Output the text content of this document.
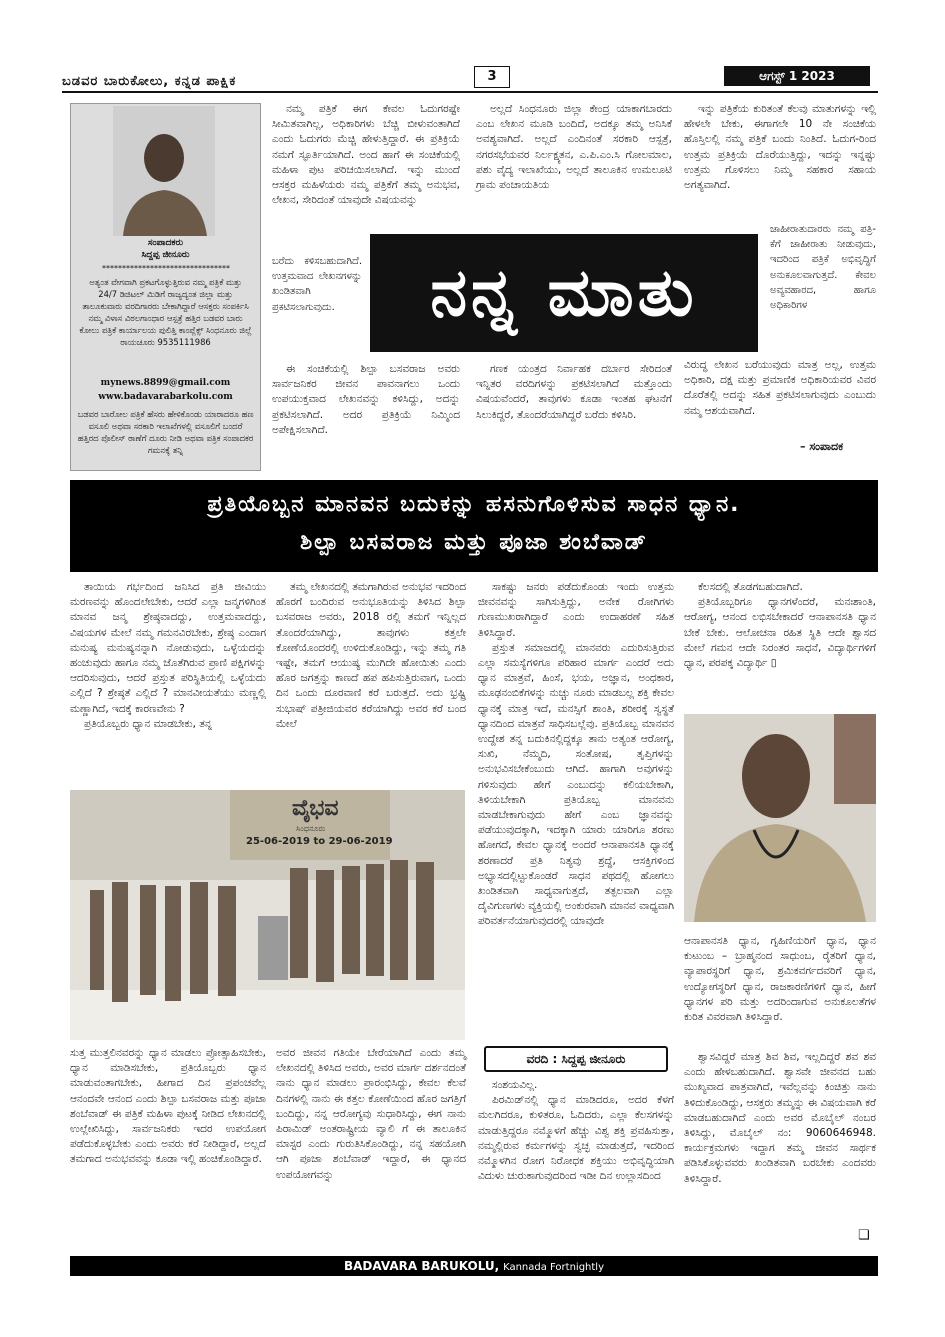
ಬಡವರ ಬಾರುಕೋಲು, ಕನ್ನಡ ಪಾಕ್ಷಿಕ	3	ಆಗಸ್ಟ್ 1 2023
ಸಂಪಾದಕರು
ಸಿದ್ದಪ್ಪ ಜೀನೂರು
********************************
ಅತ್ಯಂತ ವೇಗವಾಗಿ ಪ್ರಕಟಗೊಳ್ಳುತ್ತಿರುವ ನಮ್ಮ ಪತ್ರಿಕೆ ಮತ್ತು 24/7 ಡಿಜಿಟಲ್ ಮಿಡಿಗೆ ರಾಜ್ಯದ್ಯಂತ ಜಿಲ್ಲಾ ಮತ್ತು ತಾಲೂಕುವಾರು ವರದಿಗಾರರು ಬೇಕಾಗಿದ್ದಾರೆ ಆಸಕ್ತರು ಸಂಪರ್ಕಿಸಿ ನಮ್ಮ ವಿಳಾಸ ವಿಠಲಗಾಂಧಾರ ಆಸ್ಪತ್ರೆ ಹತ್ತಿರ ಬಡವರ ಬಾರು ಕೋಲು ಪತ್ರಿಕೆ ಕಾರ್ಯಾಲಯ ಪುಲಿತ್ತಿ ಕಾಂಪ್ಲೆಕ್ಸ್ ಸಿಂಧನೂರು ಜಿಲ್ಲೆ ರಾಯಚೂರು 9535111986
mynews.8899@gmail.com
www.badavarabarkolu.com
ಬಡವರ ಬಾರೋಲ ಪತ್ರಿಕೆ ಹೆಸರು ಹೇಳಿಕೊಂಡು ಯಾರಾದರೂ ಹಣ ವಸೂಲಿ ಅಥವಾ ಸರಕಾರಿ ಇಲಾಖೆಗಳಲ್ಲಿ ವಸೂಲಿಗೆ ಬಂದರೆ ಹತ್ತಿರದ ಪೊಲೀಸ್ ಠಾಣೆಗೆ ದೂರು ನೀಡಿ ಅಥವಾ ಪತ್ರಿಕ ಸಂಪಾದಕರ ಗಮನಕ್ಕೆ ತನ್ನಿ

ನಮ್ಮ ಪತ್ರಿಕೆ ಈಗ ಕೇವಲ ಓದುಗರಷ್ಟೇ ಸೀಮಿತವಾಗಿಲ್ಲ, ಅಧಿಕಾರಿಗಳು ಬೆಚ್ಚಿ ಬೀಳುವಂತಾಗಿದೆ ಎಂದು ಓದುಗರು ಮೆಚ್ಚಿ ಹೇಳುತ್ತಿದ್ದಾರೆ. ಈ ಪ್ರತಿಕ್ರಿಯೆ ನಮಗೆ ಸ್ಫೂರ್ತಿಯಾಗಿದೆ. ಅಂದ ಹಾಗೆ ಈ ಸಂಚಿಕೆಯಲ್ಲಿ ಮಹಿಳಾ ಪುಟ ಪರಿಚಯಿಸಲಾಗಿದೆ. ಇನ್ನು ಮುಂದೆ ಆಸಕ್ತರ ಮಹಿಳೆಯರು ನಮ್ಮ ಪತ್ರಿಕೆಗೆ ತಮ್ಮ ಅನುಭವ, ಲೇಖನ, ಸೇರಿದಂತೆ ಯಾವುದೇ ವಿಷಯವನ್ನು

ಬರೆದು ಕಳಿಸಬಹುದಾಗಿದೆ. ಉತ್ತಮವಾದ ಲೇಖನಗಳನ್ನು ಖಂಡಿತವಾಗಿ ಪ್ರಕಟಿಸಲಾಗುವುದು.

ಈ ಸಂಚಿಕೆಯಲ್ಲಿ ಶಿಲ್ಪಾ ಬಸವರಾಜ ಅವರು ಸಾರ್ವಜನಿಕರ ಜೀವನ ಪಾವನಾಗಲು ಒಂದು ಉಪಯುಕ್ತವಾದ ಲೇಖನವನ್ನು ಕಳಿಸಿದ್ದು, ಅದನ್ನು ಪ್ರಕಟಿಸಲಾಗಿದೆ. ಅದರ ಪ್ರತಿಕ್ರಿಯೆ ನಿಮ್ಮಿಂದ ಅಪೇಕ್ಷಿಸಲಾಗಿದೆ.

ಅಲ್ಲದೆ ಸಿಂಧನೂರು ಜಿಲ್ಲಾ ಕೇಂದ್ರ ಯಾಕಾಗಬಾರದು ಎಂಬ ಲೇಖನ ಮೂಡಿ ಬಂದಿದೆ, ಅದಕ್ಕೂ ತಮ್ಮ ಅನಿಸಿಕೆ ಅವಶ್ಯವಾಗಿದೆ. ಅಲ್ಲದೆ ಎಂದಿನಂತೆ ಸರಕಾರಿ ಆಸ್ಪತ್ರೆ, ನಗರಸಭೆಯವರ ನಿರ್ಲಕ್ಷ್ಯತನ, ಎ.ಪಿ.ಎಂ.ಸಿ ಗೋಲಮಾಲ, ಪಶು ವೈದ್ಯ ಇಲಾಖೆಯು, ಅಲ್ಲದೆ ತಾಲೂಕಿನ ಉಮಲೂಟಿ ಗ್ರಾಮ ಪಂಚಾಯತಿಯ

ಗಣಕ ಯಂತ್ರದ ನಿರ್ವಾಹಕ ದರ್ಬಾರ ಸೇರಿದಂತೆ ಇನ್ನಿತರ ವರದಿಗಳನ್ನು ಪ್ರಕಟಿಸಲಾಗಿದೆ ಮತ್ತೊಂದು ವಿಷಯವೆಂದರೆ, ತಾವುಗಳು ಕೂಡಾ ಇಂತಹ ಘಟನೆಗೆ ಸಿಲುಕಿದ್ದರೆ, ತೊಂದರೆಯಾಗಿದ್ದರೆ ಬರೆದು ಕಳಿಸಿರಿ.

ಇನ್ನು ಪತ್ರಿಕೆಯ ಕುರಿತಂತೆ ಕೆಲವು ಮಾತುಗಳನ್ನು ಇಲ್ಲಿ ಹೇಳಲೇ ಬೇಕು, ಈಗಾಗಲೇ 10 ನೇ ಸಂಚಿಕೆಯ ಹೊಸ್ತಿಲಲ್ಲಿ ನಮ್ಮ ಪತ್ರಿಕೆ ಬಂದು ನಿಂತಿದೆ. ಓದುಗ-ರಿಂದ ಉತ್ತಮ ಪ್ರತಿಕ್ರಿಯೆ ದೊರೆಯುತ್ತಿದ್ದು, ಇದನ್ನು ಇನ್ನಷ್ಟು ಉತ್ತಮ ಗೊಳಿಸಲು ನಿಮ್ಮ ಸಹಕಾರ ಸಹಾಯ ಅಗತ್ಯವಾಗಿದೆ.

ಜಾಹೀರಾತುದಾರರು ನಮ್ಮ ಪತ್ರಿ-ಕೆಗೆ ಜಾಹೀರಾತು ನೀಡುವುದು, ಇದರಿಂದ ಪತ್ರಿಕೆ ಅಭಿವೃದ್ಧಿಗೆ ಅನುಕೂಲವಾಗುತ್ತದೆ. ಕೇವಲ ಅವ್ಯವಹಾರದ, ಹಾಗೂ ಅಧಿಕಾರಿಗಳ
ವಿರುದ್ಧ ಲೇಖನ ಬರೆಯುವುದು ಮಾತ್ರ ಅಲ್ಲ, ಉತ್ತಮ ಅಧಿಕಾರಿ, ದಕ್ಷ ಮತ್ತು ಪ್ರಮಾಣಿಕ ಅಧಿಕಾರಿಯವರ ವಿವರ ದೊರೆತಲ್ಲಿ ಅದನ್ನು ಸಹಿತ ಪ್ರಕಟಿಸಲಾಗುವುದು ಎಂಬುದು ನಮ್ಮ ಆಶಯವಾಗಿದೆ.
– ಸಂಪಾದಕ
ನನ್ನ ಮಾತು
ಪ್ರತಿಯೊಬ್ಬನ ಮಾನವನ ಬದುಕನ್ನು ಹಸನುಗೊಳಿಸುವ ಸಾಧನ ಧ್ಯಾನ.
ಶಿಲ್ಪಾ ಬಸವರಾಜ ಮತ್ತು ಪೂಜಾ ಶಂಬೆವಾಡ್

ತಾಯಿಯ ಗರ್ಭದಿಂದ ಜನಿಸಿದ ಪ್ರತಿ ಜೀವಿಯು ಮರಣವನ್ನು ಹೊಂದಲೇಬೇಕು, ಆದರೆ ಎಲ್ಲಾ ಜನ್ಮಗಳಿಗಿಂತ ಮಾನವ ಜನ್ಮ ಶ್ರೇಷ್ಠವಾದದ್ದು, ಉತ್ತಮವಾದದ್ದು, ವಿಷಯಗಳ ಮೇಲೆ ನಮ್ಮ ಗಮನವಿರಬೇಕು, ಶ್ರೇಷ್ಠ ಎಂದಾಗ ಮನುಷ್ಯ ಮನುಷ್ಯನನ್ನಾಗಿ ನೋಡುವುದು, ಒಳ್ಳೆಯದನ್ನು ಹಂಚುವುದು ಹಾಗೂ ನಮ್ಮ ಜೊತೆಗಿರುವ ಪ್ರಾಣಿ ಪಕ್ಷಿಗಳನ್ನು ಆದರಿಸುವುದು, ಆದರೆ ಪ್ರಸ್ತುತ ಪರಿಸ್ಥಿತಿಯಲ್ಲಿ ಒಳ್ಳೆಯದು ಎಲ್ಲಿದೆ ? ಶ್ರೇಷ್ಠತೆ ಎಲ್ಲಿದೆ ? ಮಾನವೀಯತೆಯು ಮಣ್ಣಲ್ಲಿ ಮಣ್ಣಾಗಿದೆ, ಇದಕ್ಕೆ ಕಾರಣವೇನು ?

ಪ್ರತಿಯೊಬ್ಬರು ಧ್ಯಾನ ಮಾಡಬೇಕು, ತನ್ನ

ತಮ್ಮ ಲೇಖನದಲ್ಲಿ ತಮಗಾಗಿರುವ ಅನುಭವ ಇದರಿಂದ ಹೊರಗೆ ಬಂದಿರುವ ಅನುಭೂತಿಯನ್ನು ತಿಳಿಸಿದ ಶಿಲ್ಪಾ ಬಸವರಾಜ ಅವರು, 2018 ರಲ್ಲಿ ತಮಗೆ ಇನ್ನಿಲ್ಲದ ತೊಂದರೆಯಾಗಿದ್ದು, ತಾವುಗಳು ಕತ್ತಲೇ ಕೋಣೆಯೊಂದರಲ್ಲಿ ಉಳಿದುಕೊಂಡಿದ್ದು, ಇನ್ನು ತಮ್ಮ ಗತಿ ಇಷ್ಟೇ, ತಮಗೆ ಆಯುಷ್ಯ ಮುಗಿದೇ ಹೋಯಿತು ಎಂದು ಹೊರ ಜಗತ್ತನ್ನು ಕಾಣದೆ ಹಪ ಹಪಿಸುತ್ತಿರುವಾಗ, ಒಂದು ದಿನ ಒಂದು ದೂರವಾಣಿ ಕರೆ ಬರುತ್ತದೆ. ಅದು ಭ್ರಷ್ಟ್ರಿ ಸುಭಾಷ್ ಪತ್ರೀಜಿಯವರ ಕರೆಯಾಗಿದ್ದು ಅವರ ಕರೆ ಬಂದ ಮೇಲೆ

ಸಾಕಷ್ಟು ಜನರು ಪಡೆದುಕೊಂಡು ಇಂದು ಉತ್ತಮ ಜೀವನವನ್ನು ಸಾಗಿಸುತ್ತಿದ್ದು, ಅನೇಕ ರೋಗಿಗಳು ಗುಣಮುಖರಾಗಿದ್ದಾರೆ ಎಂದು ಉದಾಹರಣೆ ಸಹಿತ ತಿಳಿಸಿದ್ದಾರೆ.

ಪ್ರಸ್ತುತ ಸಮಾಜದಲ್ಲಿ ಮಾನವರು ಎದುರಿಸುತ್ತಿರುವ ಎಲ್ಲಾ ಸಮಸ್ಯೆಗಳಿಗೂ ಪರಿಹಾರ ಮಾರ್ಗ ಎಂದರೆ ಅದು ಧ್ಯಾನ ಮಾತ್ರವೆ, ಹಿಂಸೆ, ಭಯ, ಅಜ್ಞಾನ, ಅಂಧಕಾರ, ಮೂಢನಂಬಿಕೆಗಳನ್ನು ನುಚ್ಚು ನೂರು ಮಾಡಬಲ್ಲ ಶಕ್ತಿ ಕೇವಲ ಧ್ಯಾನಕ್ಕೆ ಮಾತ್ರ ಇದೆ, ಮನಸ್ಸಿಗೆ ಶಾಂತಿ, ಶರೀರಕ್ಕೆ ಸ್ವಸ್ಥತೆ ಧ್ಯಾನದಿಂದ ಮಾತ್ರವೆ ಸಾಧಿಸಬಲ್ಲೆವು. ಪ್ರತಿಯೊಬ್ಬ ಮಾನವನ ಉದ್ದೇಶ ತನ್ನ ಬದುಕಿನಲ್ಲಿದ್ದಕ್ಕೂ ತಾನು ಅತ್ಯಂತ ಆರೋಗ್ಯ, ಸುಖಿ, ನೆಮ್ಮದಿ, ಸಂತೋಷ, ತೃಪ್ತಿಗಳನ್ನು ಅನುಭವಿಸಬೇಕೆಂಬುದು ಆಗಿದೆ. ಹಾಗಾಗಿ ಅವುಗಳನ್ನು ಗಳಿಸುವುದು ಹೇಗೆ ಎಂಬುದನ್ನು ಕಲಿಯಬೇಕಾಗಿ, ತಿಳಿಯಬೇಕಾಗಿ ಪ್ರತಿಯೊಬ್ಬ ಮಾನವನು ಮಾಡಬೇಕಾಗುವುದು ಹೇಗೆ ಎಂಬ ಜ್ಞಾನವನ್ನು ಪಡೆಯುವುದಕ್ಕಾಗಿ, ಇದಕ್ಕಾಗಿ ಯಾರು ಯಾರಿಗೂ ಶರಣು ಹೋಗದೆ, ಕೇವಲ ಧ್ಯಾನಕ್ಕೆ ಅಂದರೆ ಆನಾಪಾನಸತಿ ಧ್ಯಾನಕ್ಕೆ ಶರಣಾದರೆ ಪ್ರತಿ ನಿತ್ಯವು ಶ್ರದ್ಧೆ, ಆಸಕ್ತಿಗಳಿಂದ ಅಭ್ಯಾಸದಲ್ಲಿಟ್ಟುಕೊಂಡರೆ ಸಾಧನ ಪಥದಲ್ಲಿ ಹೋಗಲು ಖಂಡಿತವಾಗಿ ಸಾಧ್ಯವಾಗುತ್ತದೆ, ತತ್ಪಲವಾಗಿ ಎಲ್ಲಾ ದೈವಿಗುಣಗಳು ವ್ಯಕ್ತಿಯಲ್ಲಿ ಅಂಕುರವಾಗಿ ಮಾನವ ವಾಧ್ಯವಾಗಿ ಪರಿವರ್ತನೆಯಾಗುವುದರಲ್ಲಿ ಯಾವುದೇ

ಕೆಲಸದಲ್ಲಿ ತೊಡಗಬಹುದಾಗಿದೆ.

ಪ್ರತಿಯೊಬ್ಬರಿಗೂ ಧ್ಯಾನಗಳೆಂದರೆ, ಮನಃಶಾಂತಿ, ಆರೋಗ್ಯ, ಆನಂದ ಲಭಿಸಬೇಕಾದರೆ ಆನಾಪಾನಸತಿ ಧ್ಯಾನ ಬೇಕೆ ಬೇಕು. ಆಲೋಚನಾ ರಹಿತ ಸ್ಥಿತಿ ಆದೇ ಶ್ವಾಸದ ಮೇಲೆ ಗಮನ ಆದೇ ನಿರಂತರ ಸಾಧನೆ, ವಿದ್ಯಾರ್ಥಿಗಳಿಗೆ ಧ್ಯಾನ, ಪರಪಕ್ಕ ವಿದ್ಯಾರ್ಥಿ ▯

ಆನಾಪಾನಸತಿ ಧ್ಯಾನ, ಗೃಹಿಣಿಯರಿಗೆ ಧ್ಯಾನ, ಧ್ಯಾನ ಕುಟುಂಬ – ಬ್ರಾಹ್ಮನಂದ ಸಾಧುಂಬ, ರೈತರಿಗೆ ಧ್ಯಾನ, ವ್ಯಾಪಾರಸ್ಥರಿಗೆ ಧ್ಯಾನ, ಶ್ರಮಿಕವರ್ಗದವರಿಗೆ ಧ್ಯಾನ, ಉದ್ಯೋಗಸ್ಥರಿಗೆ ಧ್ಯಾನ, ರಾಜಕಾರಣಿಗಳಿಗೆ ಧ್ಯಾನ, ಹೀಗೆ ಧ್ಯಾನಗಳ ಪರಿ ಮತ್ತು ಅದರಿಂದಾಗುವ ಅನುಕೂಲತೆಗಳ ಕುರಿತ ವಿವರವಾಗಿ ತಿಳಿಸಿದ್ದಾರೆ.

ಶ್ವಾಸವಿದ್ದರೆ ಮಾತ್ರ ಶಿವ ಶಿವ, ಇಲ್ಲದಿದ್ದರೆ ಶವ ಶವ ಎಂದು ಹೇಳಬಹುದಾಗಿದೆ. ಶ್ವಾಸವೇ ಜೀವನದ ಬಹು ಮುಖ್ಯವಾದ ಪಾತ್ರವಾಗಿದೆ, ಇವೆಲ್ಲವನ್ನು ಕಿಂಚಿತ್ತು ನಾನು ತಿಳಿದುಕೊಂಡಿದ್ದು, ಆಸಕ್ತರು ತಮ್ಮನ್ನು ಈ ವಿಷಯವಾಗಿ ಕರೆ ಮಾಡಬಹುದಾಗಿದೆ ಎಂದು ಅವರ ಮೊಬೈಲ್ ನಂಬರ ತಿಳಿಸಿದ್ದು, ಮೊಬೈಲ್ ನಂ: 9060646948. ಕಾರ್ಯಕ್ರಮಗಳು ಇದ್ದಾಗ ತಮ್ಮ ಜೀವನ ಸಾರ್ಥಕ ಪಡಿಸಿಕೊಳ್ಳುವವರು ಖಂಡಿತವಾಗಿ ಬರಬೇಕು ಎಂದವರು ತಿಳಿಸಿದ್ದಾರೆ.

❑
ವೈಭವ
ಸಿಂಧನೂರು
25-06-2019 to 29-06-2019
ಸುತ್ತ ಮುತ್ತಲಿನವರನ್ನು ಧ್ಯಾನ ಮಾಡಲು ಪ್ರೋತ್ಸಾಹಿಸಬೇಕು, ಧ್ಯಾನ ಮಾಡಿಸಬೇಕು, ಪ್ರತಿಯೊಬ್ಬರು ಧ್ಯಾನ ಮಾಡುವಂತಾಗಬೇಕು, ಹೀಗಾದ ದಿನ ಪ್ರಪಂಚವೆಲ್ಲ ಆನಂದವೇ ಆನಂದ ಎಂದು ಶಿಲ್ಪಾ ಬಸವರಾಜ ಮತ್ತು ಪೂಜಾ ಶಂಬೆವಾಡ್ ಈ ಪತ್ರಿಕೆ ಮಹಿಳಾ ಪುಟಕ್ಕೆ ನೀಡಿದ ಲೇಖನದಲ್ಲಿ ಉಲ್ಲೇಖಿಸಿದ್ದು, ಸಾರ್ವಜನಿಕರು ಇದರ ಉಪಯೋಗ ಪಡೆದುಕೊಳ್ಳಬೇಕು ಎಂದು ಅವರು ಕರೆ ನೀಡಿದ್ದಾರೆ, ಅಲ್ಲದೆ ತಮಗಾದ ಅನುಭವವನ್ನು ಕೂಡಾ ಇಲ್ಲಿ ಹಂಚಿಕೊಂಡಿದ್ದಾರೆ.
ಅವರ ಜೀವನ ಗತಿಯೇ ಬೇರೆಯಾಗಿದೆ ಎಂದು ತಮ್ಮ ಲೇಖನದಲ್ಲಿ ತಿಳಿಸಿದ ಅವರು, ಅವರ ಮಾರ್ಗ ದರ್ಶನದಂತೆ ನಾನು ಧ್ಯಾನ ಮಾಡಲು ಪ್ರಾರಂಭಿಸಿದ್ದು, ಕೇವಲ ಕೆಲವೆ ದಿನಗಳಲ್ಲಿ ನಾನು ಈ ಕತ್ತಲ ಕೋಣೆಯಿಂದ ಹೊರ ಜಗತ್ತಿಗೆ ಬಂದಿದ್ದು, ನನ್ನ ಆರೋಗ್ಯವು ಸುಧಾರಿಸಿದ್ದು, ಈಗ ನಾನು ಪಿರಾಮಿಡ್ ಅಂತರಾಷ್ಟ್ರೀಯ ವ್ಯಾಲಿ ಗೆ ಈ ತಾಲೂಕಿನ ಮಾಸ್ಟರ ಎಂದು ಗುರುತಿಸಿಕೊಂಡಿದ್ದು, ನನ್ನ ಸಹಯೋಗಿ ಆಗಿ ಪೂಜಾ ಶಂಬೆವಾಡ್ ಇದ್ದಾರೆ, ಈ ಧ್ಯಾನದ ಉಪಯೋಗವನ್ನು
ವರದಿ : ಸಿದ್ದಪ್ಪ ಜೀನೂರು

ಸಂಶಯವಿಲ್ಲ.

ಪಿರಮಿಡ್‌ನಲ್ಲಿ ಧ್ಯಾನ ಮಾಡಿದರೂ, ಅದರ ಕೆಳಗೆ ಮಲಗಿದರೂ, ಕುಳಿತರೂ, ಓದಿದರು, ಎಲ್ಲಾ ಕೆಲಸಗಳನ್ನು ಮಾಡುತ್ತಿದ್ದರೂ ನಮ್ಮೊಳಗೆ ಹೆಚ್ಚು ವಿಶ್ವ ಶಕ್ತಿ ಪ್ರವಹಿಸುತ್ತಾ, ನಮ್ಮಲ್ಲಿರುವ ಕರ್ಮಗಳನ್ನು ಸ್ವಚ್ಛ ಮಾಡುತ್ತದೆ, ಇದರಿಂದ ನಮ್ಮೊಳಗಿನ ರೋಗ ನಿರೋಧಕ ಶಕ್ತಿಯು ಅಭಿವೃದ್ಧಿಯಾಗಿ ವಿದುಳು ಚುರುಕಾಗುವುದರಿಂದ ಇಡೀ ದಿನ ಉಲ್ಲಾಸದಿಂದ

BADAVARA BARUKOLU, Kannada Fortnightly
